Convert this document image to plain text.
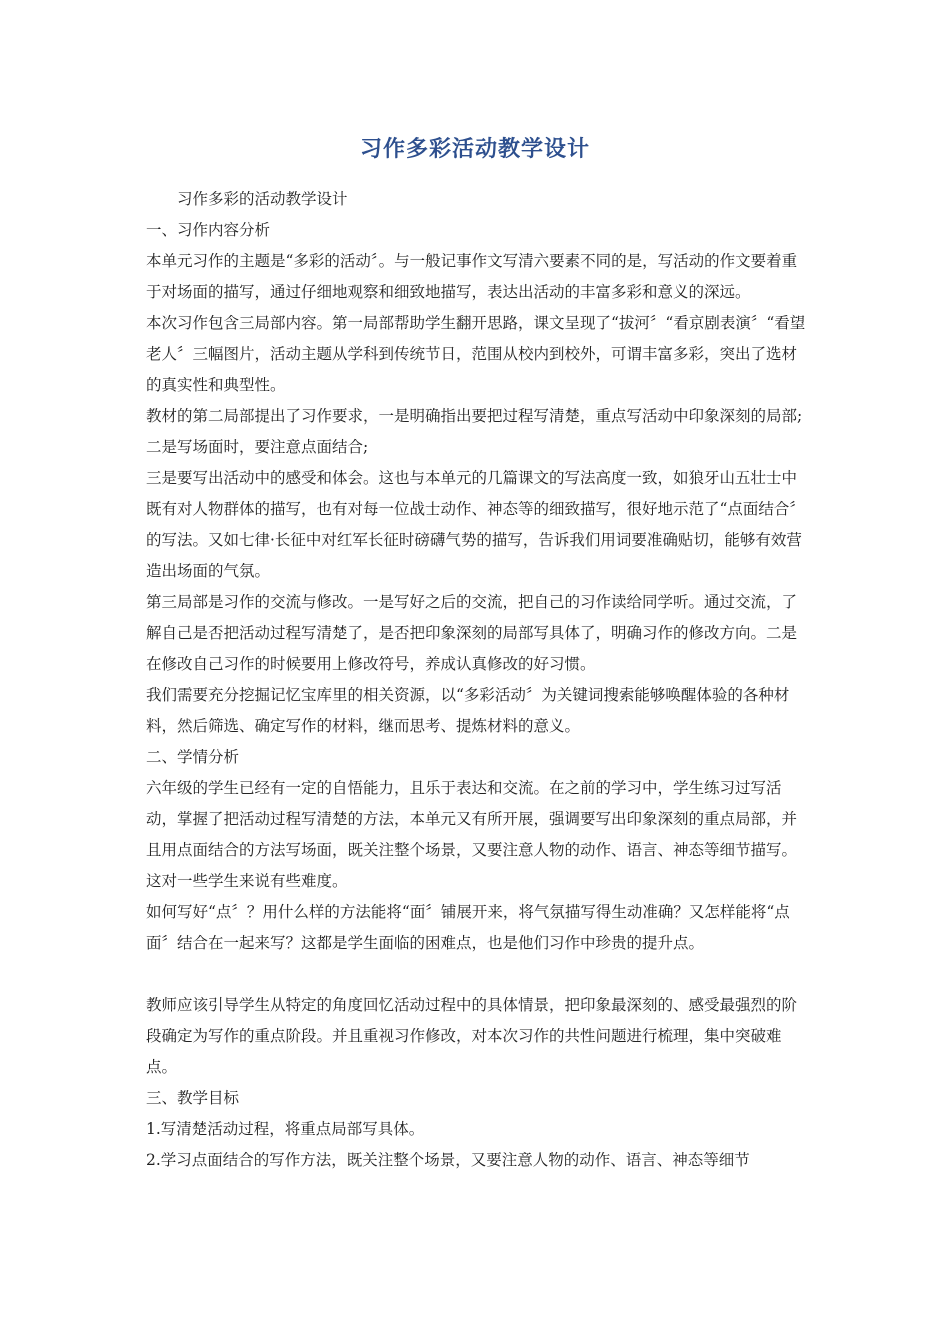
习作多彩活动教学设计

习作多彩的活动教学设计

一、习作内容分析

本单元习作的主题是“多彩的活动〞。与一般记事作文写清六要素不同的是，写活动的作文要着重于对场面的描写，通过仔细地观察和细致地描写，表达出活动的丰富多彩和意义的深远。

本次习作包含三局部内容。第一局部帮助学生翻开思路，课文呈现了“拔河〞“看京剧表演〞“看望老人〞三幅图片，活动主题从学科到传统节日，范围从校内到校外，可谓丰富多彩，突出了选材的真实性和典型性。

教材的第二局部提出了习作要求，一是明确指出要把过程写清楚，重点写活动中印象深刻的局部;

二是写场面时，要注意点面结合;

三是要写出活动中的感受和体会。这也与本单元的几篇课文的写法高度一致，如狼牙山五壮士中既有对人物群体的描写，也有对每一位战士动作、神态等的细致描写，很好地示范了“点面结合〞的写法。又如七律·长征中对红军长征时磅礴气势的描写，告诉我们用词要准确贴切，能够有效营造出场面的气氛。

第三局部是习作的交流与修改。一是写好之后的交流，把自己的习作读给同学听。通过交流，了解自己是否把活动过程写清楚了，是否把印象深刻的局部写具体了，明确习作的修改方向。二是在修改自己习作的时候要用上修改符号，养成认真修改的好习惯。

我们需要充分挖掘记忆宝库里的相关资源，以“多彩活动〞为关键词搜索能够唤醒体验的各种材料，然后筛选、确定写作的材料，继而思考、提炼材料的意义。

二、学情分析

六年级的学生已经有一定的自悟能力，且乐于表达和交流。在之前的学习中，学生练习过写活动，掌握了把活动过程写清楚的方法，本单元又有所开展，强调要写出印象深刻的重点局部，并且用点面结合的方法写场面，既关注整个场景，又要注意人物的动作、语言、神态等细节描写。这对一些学生来说有些难度。

如何写好“点〞？用什么样的方法能将“面〞铺展开来，将气氛描写得生动准确？又怎样能将“点面〞结合在一起来写？这都是学生面临的困难点，也是他们习作中珍贵的提升点。

教师应该引导学生从特定的角度回忆活动过程中的具体情景，把印象最深刻的、感受最强烈的阶段确定为写作的重点阶段。并且重视习作修改，对本次习作的共性问题进行梳理，集中突破难点。

三、教学目标

1.写清楚活动过程，将重点局部写具体。

2.学习点面结合的写作方法，既关注整个场景，又要注意人物的动作、语言、神态等细节
